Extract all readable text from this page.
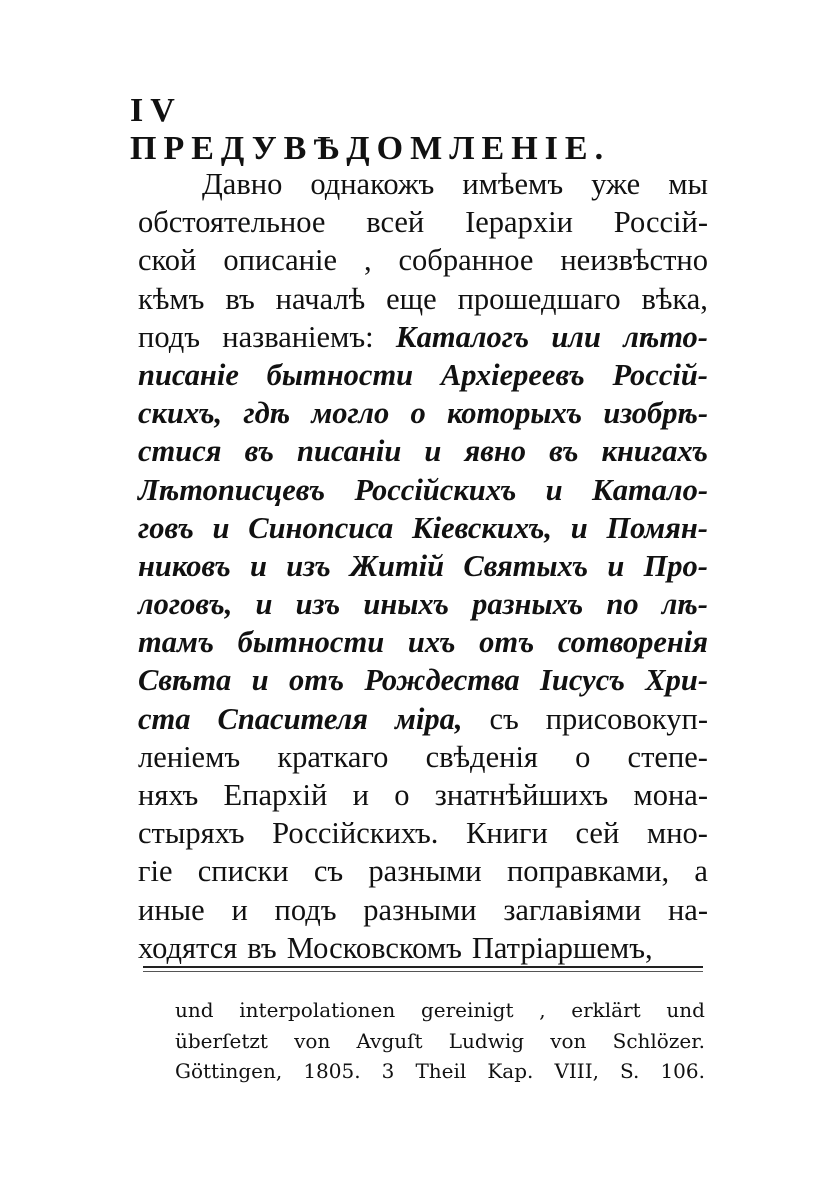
IV ПРЕДУВѢДОМЛЕНІЕ.
Давно однакожъ имѣемъ уже мы
обстоятельное всей Іерархіи Россій-
ской описаніе , собранное неизвѣстно
кѣмъ въ началѣ еще прошедшаго вѣка,
подъ названіемъ: Каталогъ или лѣто-
писаніе бытности Архіереевъ Россій-
скихъ, гдѣ могло о которыхъ изобрѣ-
стися въ писаніи и явно въ книгахъ
Лѣтописцевъ Россійскихъ и Катало-
говъ и Синопсиса Кіевскихъ, и Помян-
никовъ и изъ Житій Святыхъ и Про-
логовъ, и изъ иныхъ разныхъ по лѣ-
тамъ бытности ихъ отъ сотворенія
Свѣта и отъ Рождества Іисусъ Хри-
ста Спасителя міра, съ присовокуп-
леніемъ краткаго свѣденія о степе-
няхъ Епархій и о знатнѣйшихъ мона-
стыряхъ Россійскихъ. Книги сей мно-
гіе списки съ разными поправками, а
иные и подъ разными заглавіями на-
ходятся въ Московскомъ Патріаршемъ,
und interpolationen gereinigt , erklärt und
überſetzt von Avguſt Ludwig von Schlözer.
Göttingen, 1805. 3 Theil Kap. VIII, S. 106.
